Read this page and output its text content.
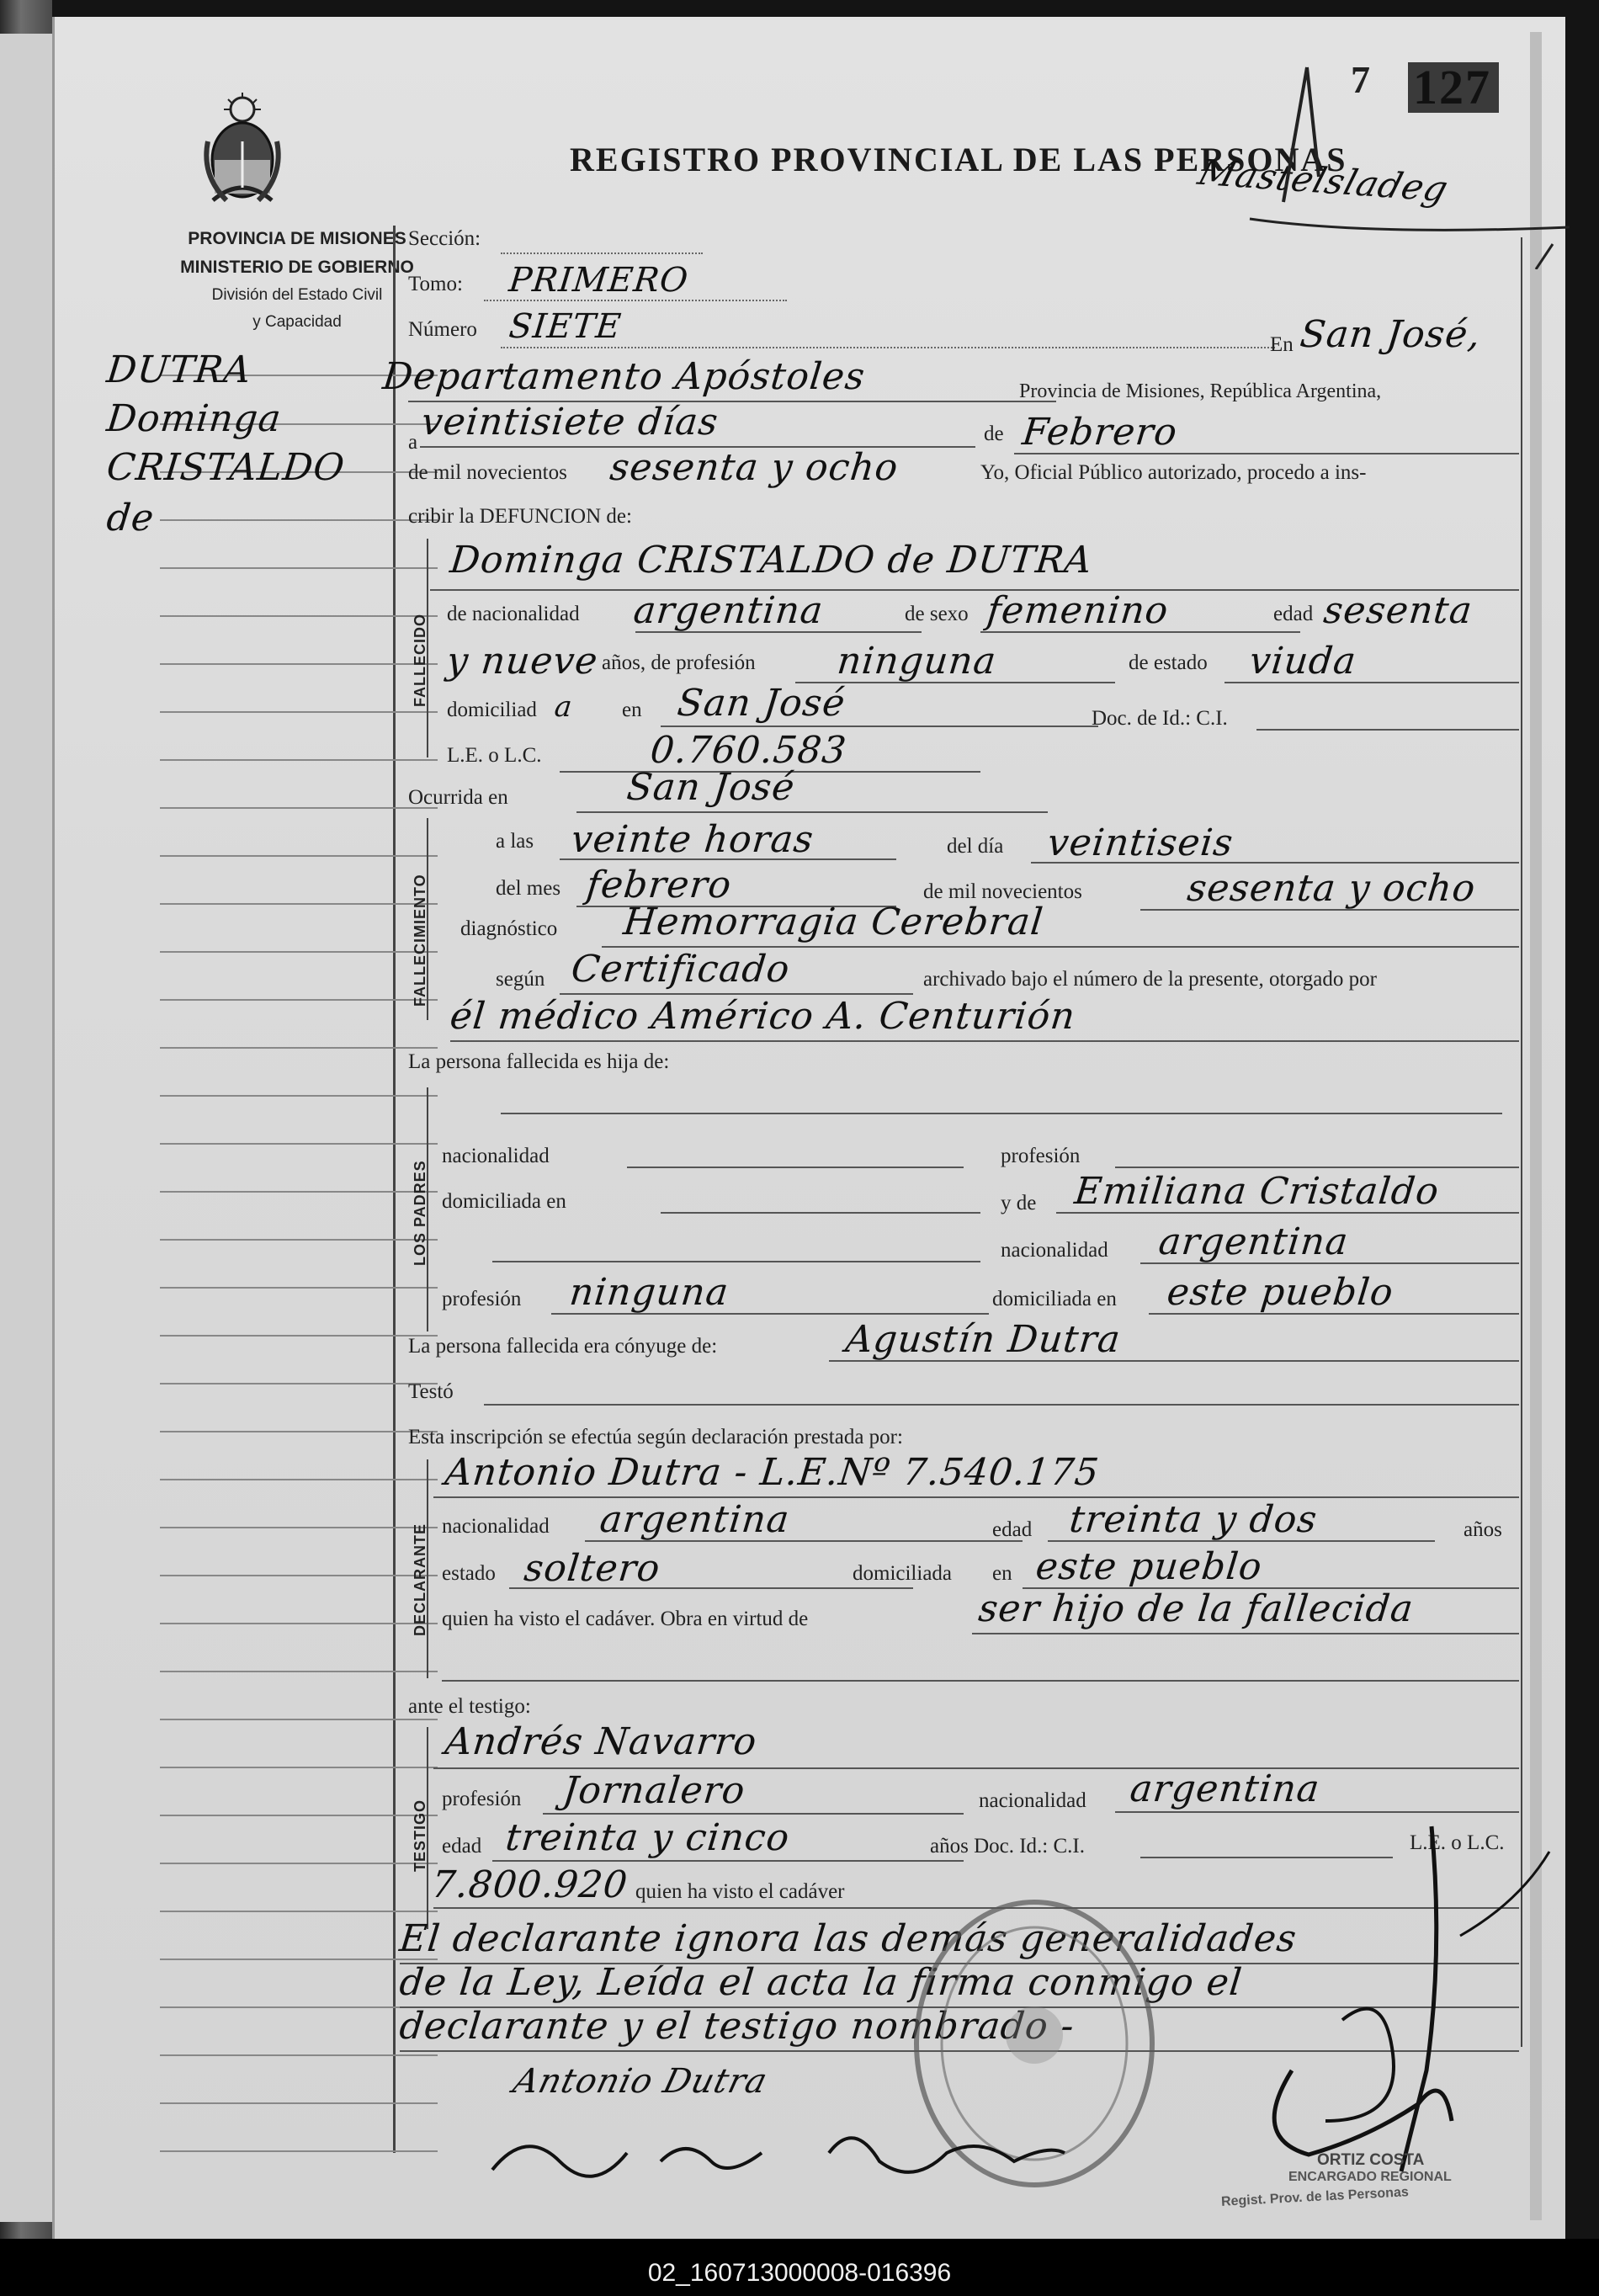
PROVINCIA DE MISIONES
MINISTERIO DE GOBIERNO
División del Estado Civil
y Capacidad
REGISTRO PROVINCIAL DE LAS PERSONAS
7 127
Mastelsladeg
DUTRA
Dominga
CRISTALDO
de
Sección:
Tomo: PRIMERO
Número SIETE	En San José,
Departamento Apóstoles	Provincia de Misiones, República Argentina,
a veintisiete días	de Febrero
de mil novecientos sesenta y ocho	Yo, Oficial Público autorizado, procedo a ins-
cribir la DEFUNCION de:
FALLECIDO
Dominga CRISTALDO de DUTRA
de nacionalidad argentina	de sexo femenino	edad sesenta
y nueve años, de profesión ninguna	de estado viuda
domiciliad a en San José	Doc. de Id.: C.I.
L.E. o L.C.	0.760.583
Ocurrida en	San José
FALLECIMIENTO
a las veinte horas	del día veintiseis
del mes febrero	de mil novecientos	sesenta y ocho
diagnóstico Hemorragia Cerebral
según Certificado	archivado bajo el número de la presente, otorgado por
él médico Américo A. Centurión
La persona fallecida es hija de:
LOS PADRES
nacionalidad	profesión
domiciliada en	y de Emiliana Cristaldo
nacionalidad argentina
profesión ninguna	domiciliada en este pueblo
La persona fallecida era cónyuge de:	Agustín Dutra
Testó
Esta inscripción se efectúa según declaración prestada por:
DECLARANTE
Antonio Dutra - L.E.Nº 7.540.175
nacionalidad argentina	edad treinta y dos	años
estado soltero	domiciliada en este pueblo
quien ha visto el cadáver. Obra en virtud de	ser hijo de la fallecida
ante el testigo:
TESTIGO
Andrés Navarro
profesión Jornalero	nacionalidad argentina
edad treinta y cinco	años Doc. Id.: C.I.	L.E. o L.C.
7.800.920 quien ha visto el cadáver
El declarante ignora las demás generalidades
de la Ley, Leída el acta la firma conmigo el
declarante y el testigo nombrado -
Antonio Dutra
ORTIZ COSTA
ENCARGADO REGIONAL
Regist. Prov. de las Personas
02_160713000008-016396
